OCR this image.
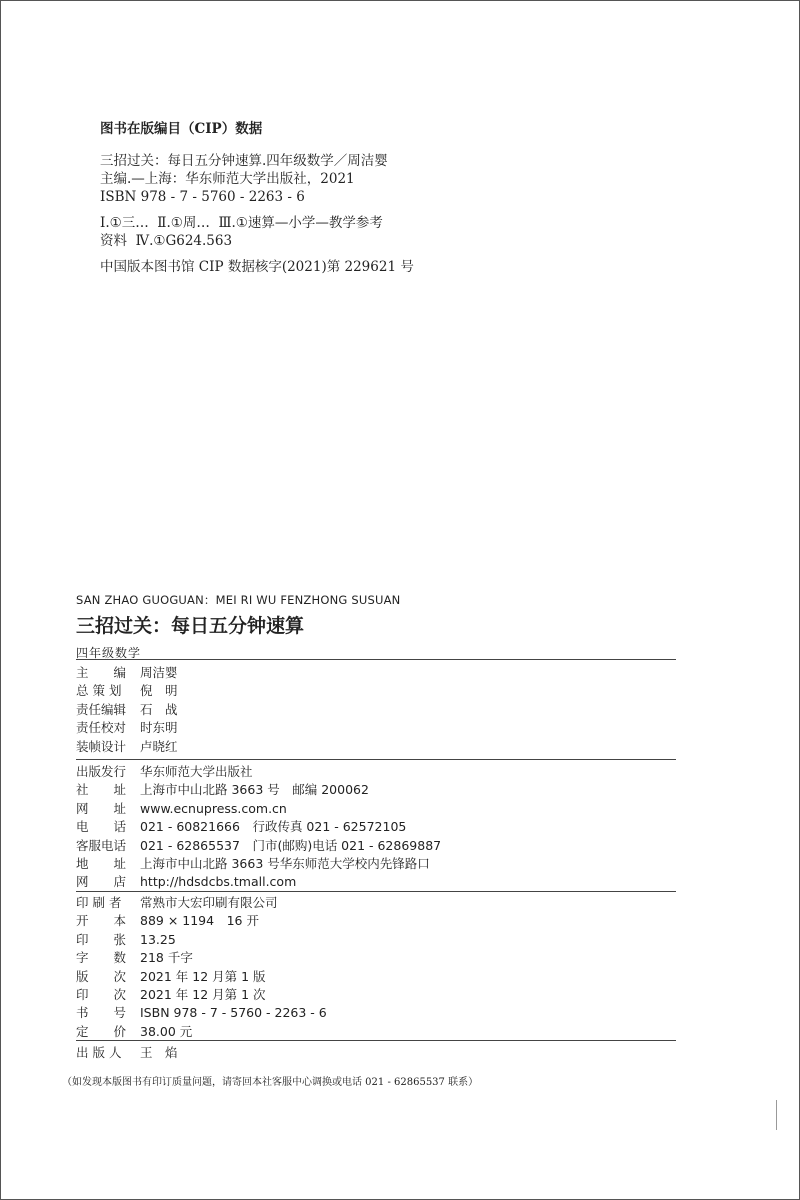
图书在版编目（CIP）数据
三招过关：每日五分钟速算.四年级数学／周洁婴
主编.—上海：华东师范大学出版社，2021
ISBN 978 - 7 - 5760 - 2263 - 6
Ⅰ.①三…  Ⅱ.①周…  Ⅲ.①速算—小学—教学参考
资料  Ⅳ.①G624.563
中国版本图书馆 CIP 数据核字(2021)第 229621 号
SAN ZHAO GUOGUAN：MEI RI WU FENZHONG SUSUAN
三招过关：每日五分钟速算
四年级数学
主　　编	周洁婴
总 策 划	倪　明
责任编辑	石　战
责任校对	时东明
装帧设计	卢晓红
出版发行	华东师范大学出版社
社　　址	上海市中山北路 3663 号　邮编 200062
网　　址	www.ecnupress.com.cn
电　　话	021 - 60821666　行政传真 021 - 62572105
客服电话	021 - 62865537　门市(邮购)电话 021 - 62869887
地　　址	上海市中山北路 3663 号华东师范大学校内先锋路口
网　　店	http://hdsdcbs.tmall.com
印 刷 者	常熟市大宏印刷有限公司
开　　本	889 × 1194　16 开
印　　张	13.25
字　　数	218 千字
版　　次	2021 年 12 月第 1 版
印　　次	2021 年 12 月第 1 次
书　　号	ISBN 978 - 7 - 5760 - 2263 - 6
定　　价	38.00 元
出 版 人	王　焰
（如发现本版图书有印订质量问题，请寄回本社客服中心调换或电话 021 - 62865537 联系）
